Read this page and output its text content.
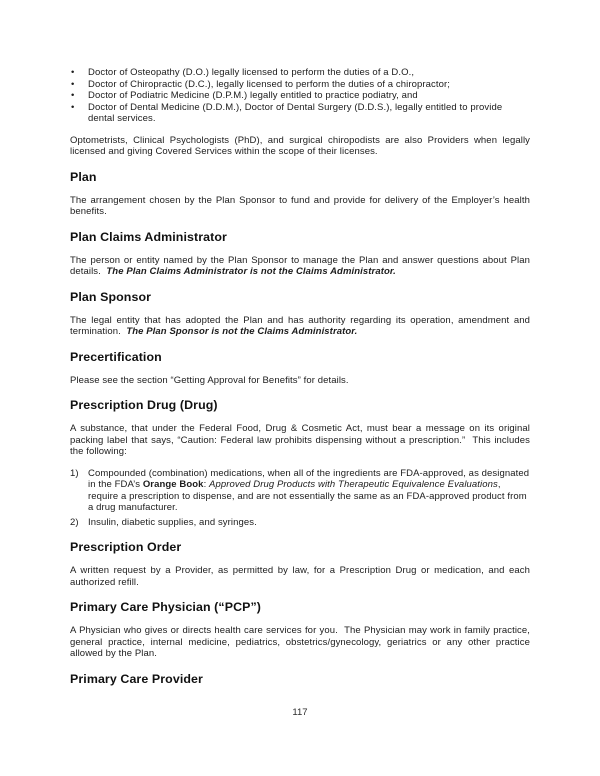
• Doctor of Osteopathy (D.O.) legally licensed to perform the duties of a D.O.,
• Doctor of Chiropractic (D.C.), legally licensed to perform the duties of a chiropractor;
• Doctor of Podiatric Medicine (D.P.M.) legally entitled to practice podiatry, and
• Doctor of Dental Medicine (D.D.M.), Doctor of Dental Surgery (D.D.S.), legally entitled to provide dental services.

Optometrists, Clinical Psychologists (PhD), and surgical chiropodists are also Providers when legally licensed and giving Covered Services within the scope of their licenses.

Plan

The arrangement chosen by the Plan Sponsor to fund and provide for delivery of the Employer’s health benefits.

Plan Claims Administrator

The person or entity named by the Plan Sponsor to manage the Plan and answer questions about Plan details.  The Plan Claims Administrator is not the Claims Administrator.

Plan Sponsor

The legal entity that has adopted the Plan and has authority regarding its operation, amendment and termination.  The Plan Sponsor is not the Claims Administrator.

Precertification

Please see the section “Getting Approval for Benefits” for details.

Prescription Drug (Drug)

A substance, that under the Federal Food, Drug & Cosmetic Act, must bear a message on its original packing label that says, “Caution: Federal law prohibits dispensing without a prescription.”  This includes the following:

1) Compounded (combination) medications, when all of the ingredients are FDA-approved, as designated in the FDA’s Orange Book: Approved Drug Products with Therapeutic Equivalence Evaluations, require a prescription to dispense, and are not essentially the same as an FDA-approved product from a drug manufacturer.
2) Insulin, diabetic supplies, and syringes.
Prescription Order

A written request by a Provider, as permitted by law, for a Prescription Drug or medication, and each authorized refill.

Primary Care Physician (“PCP”)

A Physician who gives or directs health care services for you.  The Physician may work in family practice, general practice, internal medicine, pediatrics, obstetrics/gynecology, geriatrics or any other practice allowed by the Plan.

Primary Care Provider
117
